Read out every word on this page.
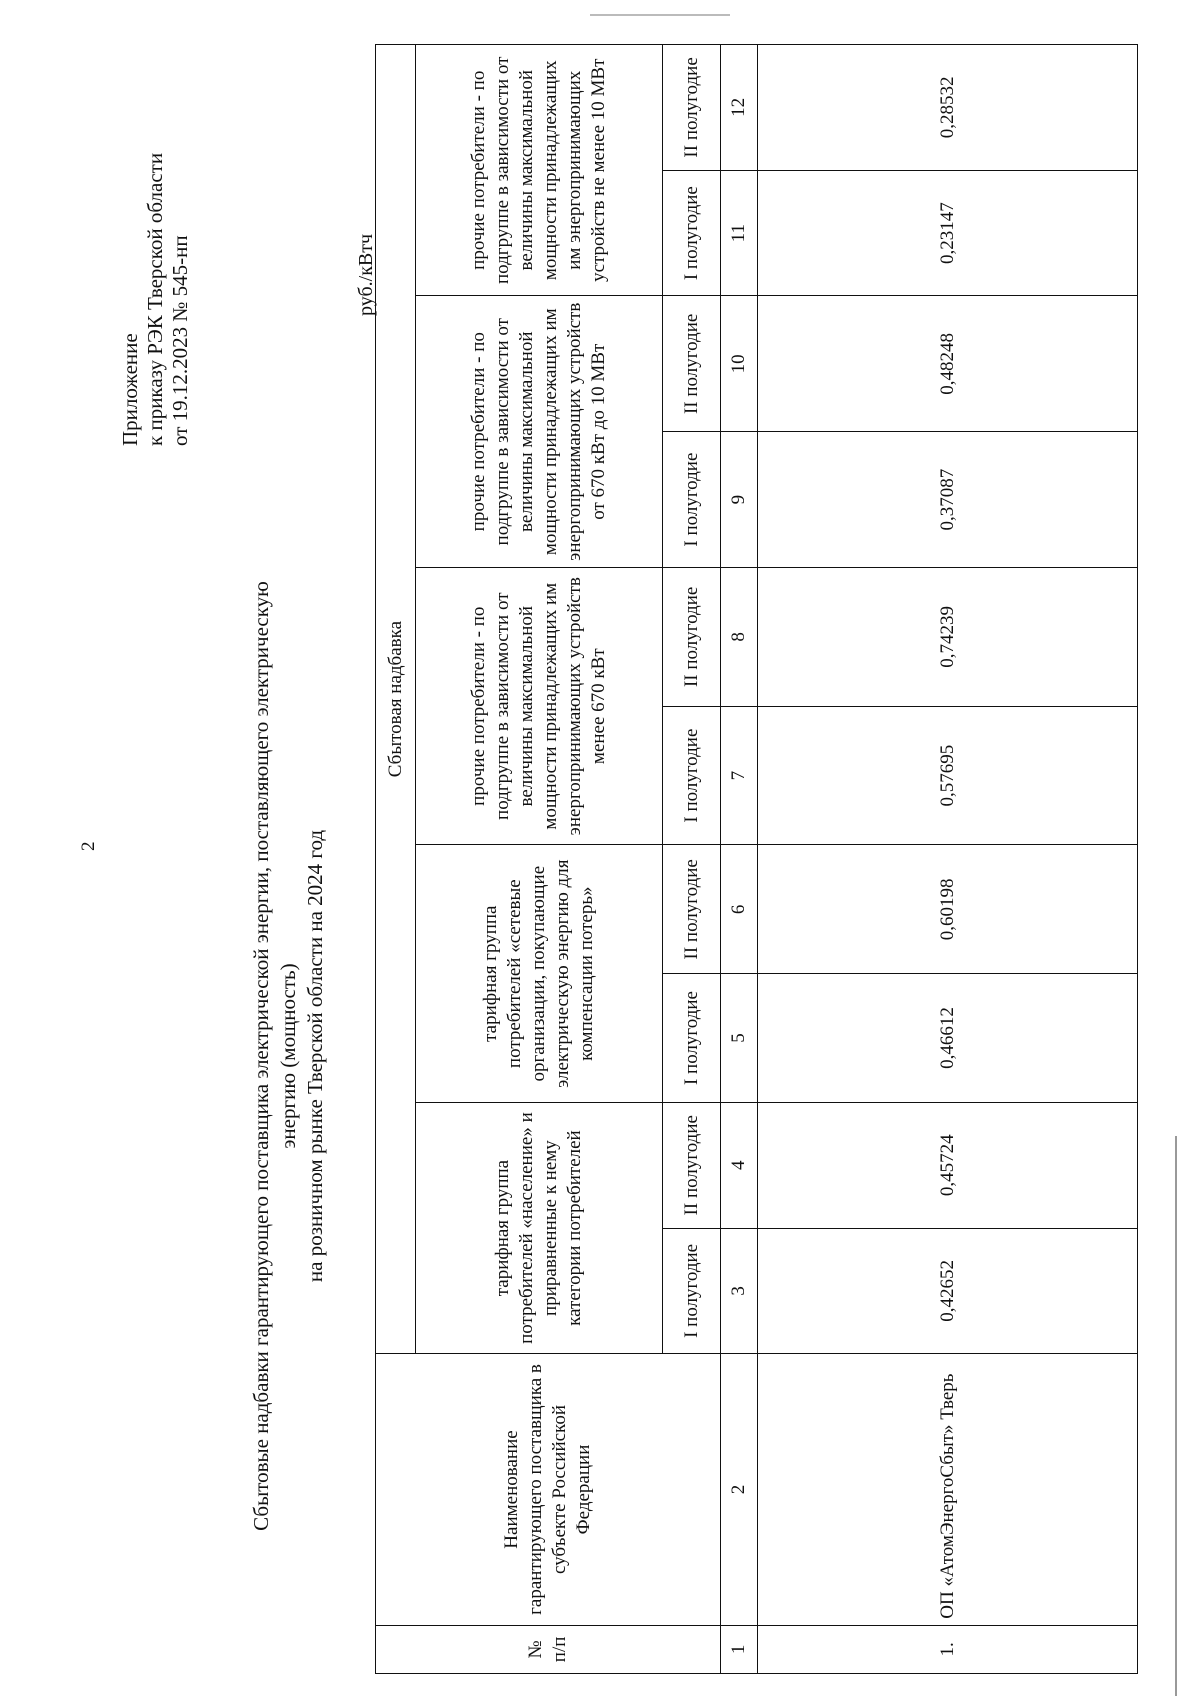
2
Приложение к приказу РЭК Тверской области от 19.12.2023 № 545-нп
Сбытовые надбавки гарантирующего поставщика электрической энергии, поставляющего электрическую энергию (мощность) на розничном рынке Тверской области на 2024 год
руб./кВтч
№ п/п	Наименование гарантирующего поставщика в субъекте Российской Федерации	Сбытовая надбавка									
		тарифная группа потребителей «население» и приравненные к нему категории потребителей		тарифная группа потребителей «сетевые организации, покупающие электрическую энергию для компенсации потерь»		прочие потребители - по подгруппе в зависимости от величины максимальной мощности принадлежащих им энергопринимающих устройств менее 670 кВт		прочие потребители - по подгруппе в зависимости от величины максимальной мощности принадлежащих им энергопринимающих устройств от 670 кВт до 10 МВт		прочие потребители - по подгруппе в зависимости от величины максимальной мощности принадлежащих им энергопринимающих устройств не менее 10 МВт	
		I полугодие	II полугодие	I полугодие	II полугодие	I полугодие	II полугодие	I полугодие	II полугодие	I полугодие	II полугодие
1	2	3	4	5	6	7	8	9	10	11	12
1.	ОП «АтомЭнергоСбыт» Тверь	0,42652	0,45724	0,46612	0,60198	0,57695	0,74239	0,37087	0,48248	0,23147	0,28532
